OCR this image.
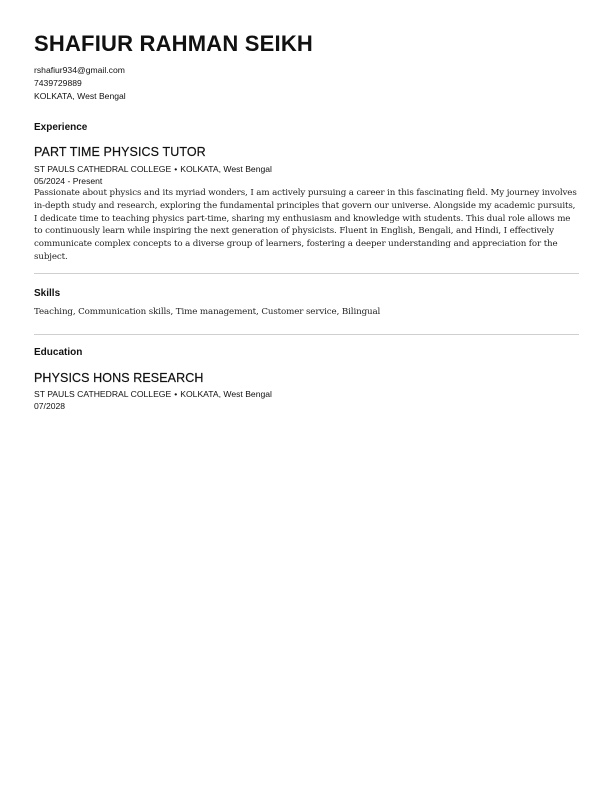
SHAFIUR RAHMAN SEIKH
rshafiur934@gmail.com
7439729889
KOLKATA, West Bengal
Experience
PART TIME PHYSICS TUTOR
ST PAULS CATHEDRAL COLLEGE • KOLKATA, West Bengal
05/2024 - Present

Passionate about physics and its myriad wonders, I am actively pursuing a career in this fascinating field. My journey involves in-depth study and research, exploring the fundamental principles that govern our universe. Alongside my academic pursuits, I dedicate time to teaching physics part-time, sharing my enthusiasm and knowledge with students. This dual role allows me to continuously learn while inspiring the next generation of physicists. Fluent in English, Bengali, and Hindi, I effectively communicate complex concepts to a diverse group of learners, fostering a deeper understanding and appreciation for the subject.

Skills

Teaching, Communication skills, Time management, Customer service, Bilingual

Education
PHYSICS HONS RESEARCH
ST PAULS CATHEDRAL COLLEGE • KOLKATA, West Bengal
07/2028
